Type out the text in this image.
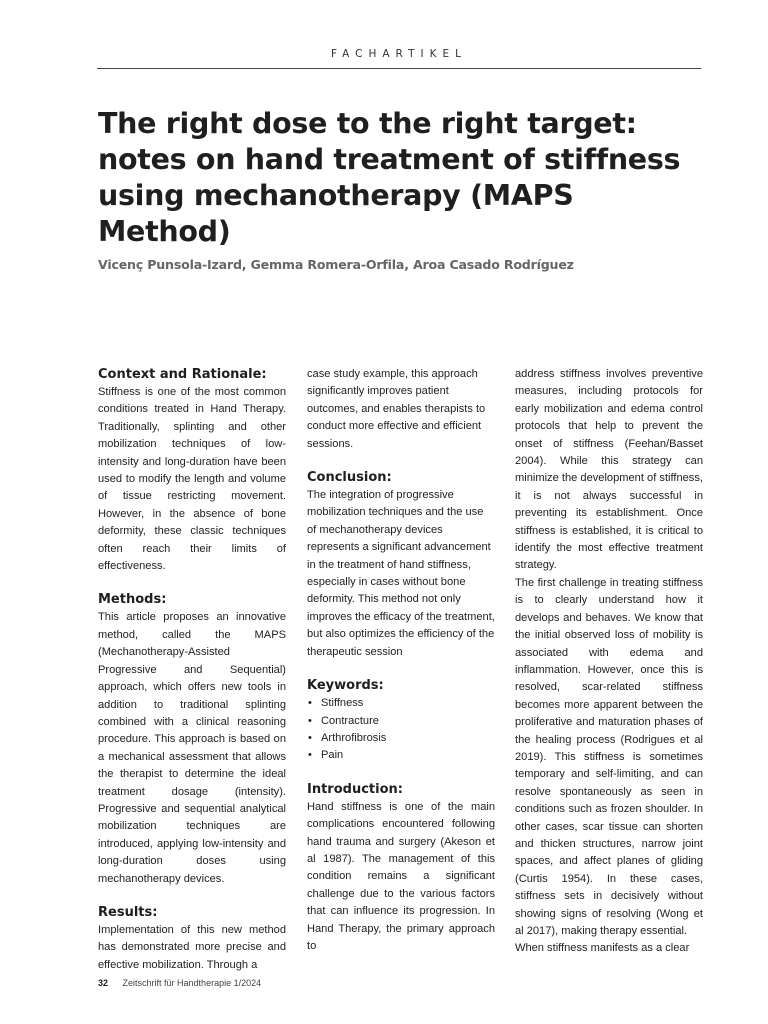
FACHARTIKEL
The right dose to the right target: notes on hand treatment of stiffness using mechanotherapy (MAPS Method)
Vicenç Punsola-Izard, Gemma Romera-Orfila, Aroa Casado Rodríguez
Context and Rationale:

Stiffness is one of the most common conditions treated in Hand Therapy. Traditionally, splinting and other mobilization techniques of low-intensity and long-duration have been used to modify the length and volume of tissue restricting movement. However, in the absence of bone deformity, these classic techniques often reach their limits of effectiveness.

Methods:

This article proposes an innovative method, called the MAPS (Mechanotherapy-Assisted Progressive and Sequential) approach, which offers new tools in addition to traditional splinting combined with a clinical reasoning procedure. This approach is based on a mechanical assessment that allows the therapist to determine the ideal treatment dosage (intensity). Progressive and sequential analytical mobilization techniques are introduced, applying low-intensity and long-duration doses using mechanotherapy devices.

Results:

Implementation of this new method has demonstrated more precise and effective mobilization. Through a

case study example, this approach significantly improves patient outcomes, and enables therapists to conduct more effective and efficient sessions.

Conclusion:

The integration of progressive mobilization techniques and the use of mechanotherapy devices represents a significant advancement in the treatment of hand stiffness, especially in cases without bone deformity. This method not only improves the efficacy of the treatment, but also optimizes the efficiency of the therapeutic session

Keywords:
• Stiffness
• Contracture
• Arthrofibrosis
• Pain
Introduction:

Hand stiffness is one of the main complications encountered following hand trauma and surgery (Akeson et al 1987). The management of this condition remains a significant challenge due to the various factors that can influence its progression. In Hand Therapy, the primary approach to

address stiffness involves preventive measures, including protocols for early mobilization and edema control protocols that help to prevent the onset of stiffness (Feehan/Basset 2004). While this strategy can minimize the development of stiffness, it is not always successful in preventing its establishment. Once stiffness is established, it is critical to identify the most effective treatment strategy.

The first challenge in treating stiffness is to clearly understand how it develops and behaves. We know that the initial observed loss of mobility is associated with edema and inflammation. However, once this is resolved, scar-related stiffness becomes more apparent between the proliferative and maturation phases of the healing process (Rodrigues et al 2019). This stiffness is sometimes temporary and self-limiting, and can resolve spontaneously as seen in conditions such as frozen shoulder. In other cases, scar tissue can shorten and thicken structures, narrow joint spaces, and affect planes of gliding (Curtis 1954). In these cases, stiffness sets in decisively without showing signs of resolving (Wong et al 2017), making therapy essential.

When stiffness manifests as a clear

32 Zeitschrift für Handtherapie 1/2024
